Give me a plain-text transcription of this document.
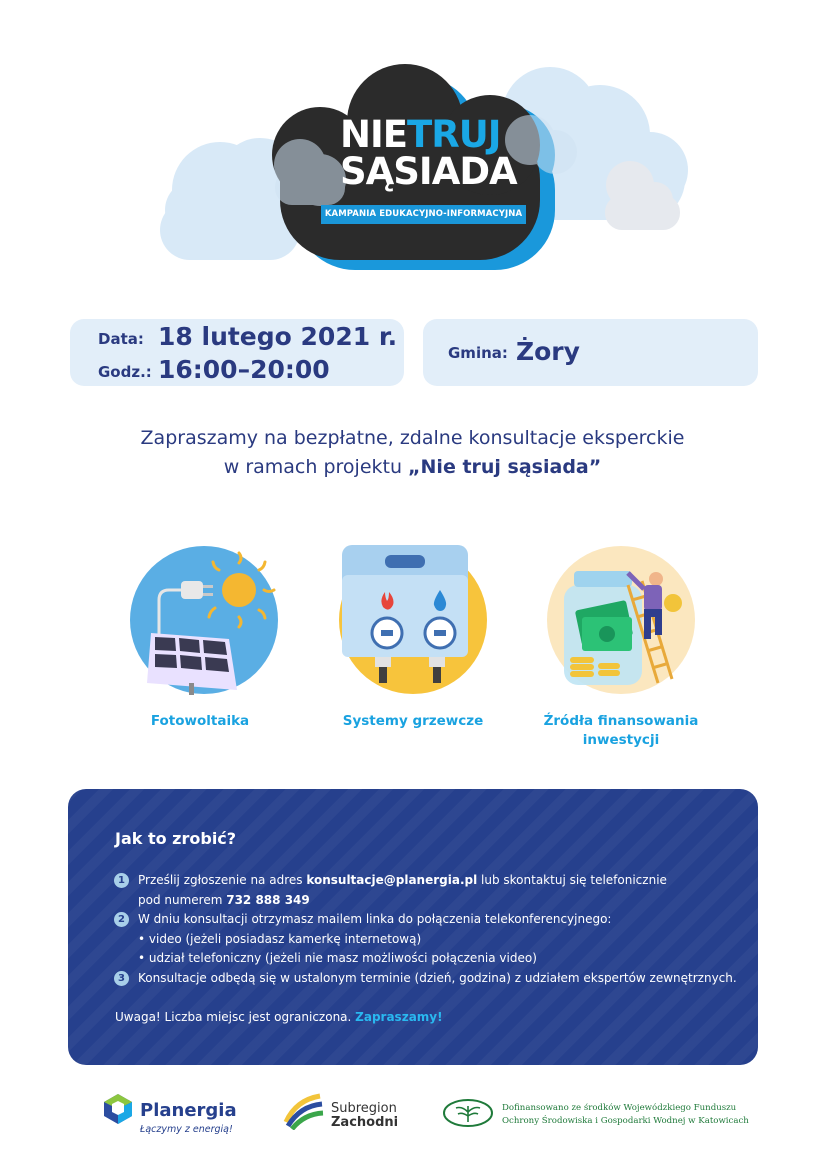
NIETRUJ
SĄSIADA
KAMPANIA EDUKACYJNO-INFORMACYJNA
Data: 18 lutego 2021 r.
Godz.: 16:00–20:00
Gmina: Żory
Zapraszamy na bezpłatne, zdalne konsultacje eksperckie
w ramach projektu „Nie truj sąsiada”
Fotowoltaika	Systemy grzewcze	Źródła finansowania
inwestycji
Jak to zrobić?
1	Prześlij zgłoszenie na adres konsultacje@planergia.pl lub skontaktuj się telefonicznie
pod numerem 732 888 349
2	W dniu konsultacji otrzymasz mailem linka do połączenia telekonferencyjnego:
• video (jeżeli posiadasz kamerkę internetową)
• udział telefoniczny (jeżeli nie masz możliwości połączenia video)
3	Konsultacje odbędą się w ustalonym terminie (dzień, godzina) z udziałem ekspertów zewnętrznych.
Uwaga! Liczba miejsc jest ograniczona. Zapraszamy!
Planergia
Łączymy z energią!
Subregion
Zachodni
Dofinansowano ze środków Wojewódzkiego Funduszu
Ochrony Środowiska i Gospodarki Wodnej w Katowicach
